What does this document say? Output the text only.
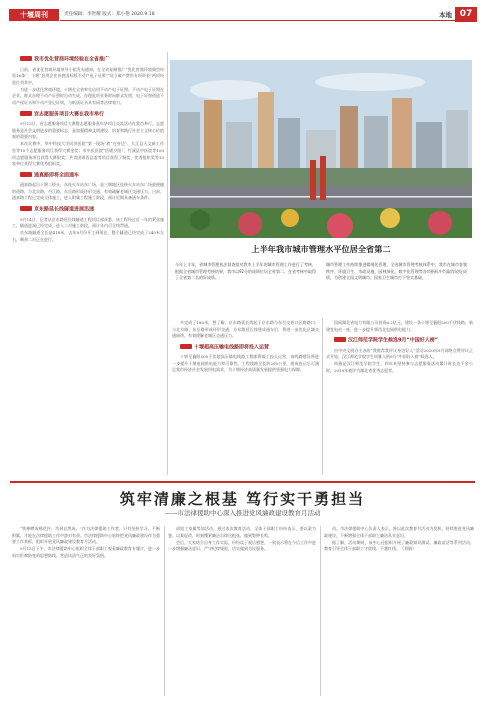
十堰周刊	责任编辑：李世耀 版式：郑小艳 2020.9.18	本地 07
我市优化营商环境经验在全省推广

日前，省优化营商环境领导小组发布通知，在全省复制推广“优化营商环境典型经验16条”，十堰“启用企业首套国标版不动产电子证照”“设立破产费用专项资金”两项经验位列其中。

为进一步优化营商环境，十堰在全省率先启用不动产电子证照。不动产电子证照在企业、群众办理不动产证照时自动生成，办理此项业务时向群众发照，电子证照创造不动产权证书和不动产登记证明，与纸质证书具有同等法律效力。

宫志愿服务项目大赛在我市举行

9月13日，省志愿服务项目大赛暨志愿服务嘉年华项目交流活动在我市举行。志愿服务是社会文明进步的重要标志，是加强精神文明建设、培育和践行社会主义核心价值观的重要内容。

本次比赛中，华中科技大学同济医院“第一现场”救“在身边”、九江县天文新工作室等10个志愿服务项目获得大赛金奖；市中医医院“医暖夕阳”、竹溪县中医院等100项志愿服务项目获得大赛银奖；共青团郧西县委等项目获得了铜奖、优秀组织奖等13家单位获得大赛优秀组织奖。

通真路即将全面通车

通真路起自十堰二桥头，东连火车站东广场，是三堰地区连接火车站东广场最便捷的道路，与北京路、丹江路、东岳路形成环形交通，有效疏解老城区交通压力。日前，通真路工程已完成主体施工，进入附属工程施工阶段，预计近期具备通车条件。

京东路延长线隧道进展迅速

9月14日，记者从京东路延长线隧道工程项目部获悉，该工程经过近一年的紧张施工，隧道进洞已经完成，进入二衬施工阶段，预计年内可全线贯通。

京东路隧道全长是418米，去年8月份开工到现在，整个隧道已经完成了240米左右，剩余二衬正在进行。

上半年我市城市管理水平位居全省第二
今年上半年，省城市管理执法督查组对我市上半年的城市管理工作进行了考核，根据全省城市管理考核结果，我市以92分的成绩位居全省第二，在省考核中取得了全省第二名的好成绩。
城市管理工作持续推进精细化管理，全省城市管理考核体系中，我市在城市容貌秩序、环境卫生、市政设施、园林绿化、数字化管理等各项指标中均取得较好成绩，为创建全国文明城市、国家卫生城市打下坚实基础。

多完成了180米，想了解，京东路延长线起于京东路与东岳交界口区路路口，与北京路、东岳路形成环形交通，京东路延长线建成通车后，将进一步优化区域交通网络，有效缓解老城区交通压力。

十堰超高压输电线路即将投入运营

十堰至襄阳500千伏超高压输电线路工程即将竣工投入运营，该线路建设将进一步提升十堰电网供电能力和可靠性。工程线路全长约200公里，建成投运后可满足我市经济社会发展用电需求，为十堰经济高质量发展提供坚强电力保障。

国网湖北省电力有限公司投资6.2亿元，建设一条十堰至襄阳500千伏线路，新建变电站一座，进一步提升鄂西北电网供电能力。

汉江师范学院学生候选9月“中国好人榜”

由中央文明办主办的“我推荐我评议身边好人”活动2020年9月网络点赞评议正式开始，汉江师范学院学生周雅入围9月“中国好人榜”候选人。

周雅是汉江师范学院学生，四年来坚持参与志愿服务活动累计时长达千余小时，2019年被评为湖北省优秀志愿者。

筑牢清廉之根基 笃行实干勇担当
——市法律援助中心深入推进党风廉政建设教育月活动

“铁棒磨成绣花针，功到自然成。”作为法律援助工作者，只有坚持学习、不断积累，才能在法律援助工作中游刃有余。市法律援助中心始终把党风廉政建设作为重要工作来抓，组织开展党风廉政建设教育月活动。

9月15日下午，市法律援助中心组织全体干部职工观看廉政教育专题片，进一步筑牢拒腐防变的思想防线，营造风清气正的良好氛围。

部组工家属等加活动。通过本次教育活动，全体干部职工纷纷表示，要以案为鉴、以案促改，时刻绷紧廉洁自律这根弦，做到警钟长鸣。

会后，大家结合自身工作实际，纷纷谈了观后感想，一致表示将在今后工作中进一步增强廉洁意识，严守纪律规矩，切实做到为民服务。

动。市法律援助中心负责人表示，将以此次教育月活动为契机，持续推进党风廉政建设，不断增强全体干部职工廉洁从业意识。

据了解，活动期间，该中心还组织开展了廉政知识测试、廉政谈话等系列活动，教育引导全体干部职工守底线、不越红线。（刘娟）
